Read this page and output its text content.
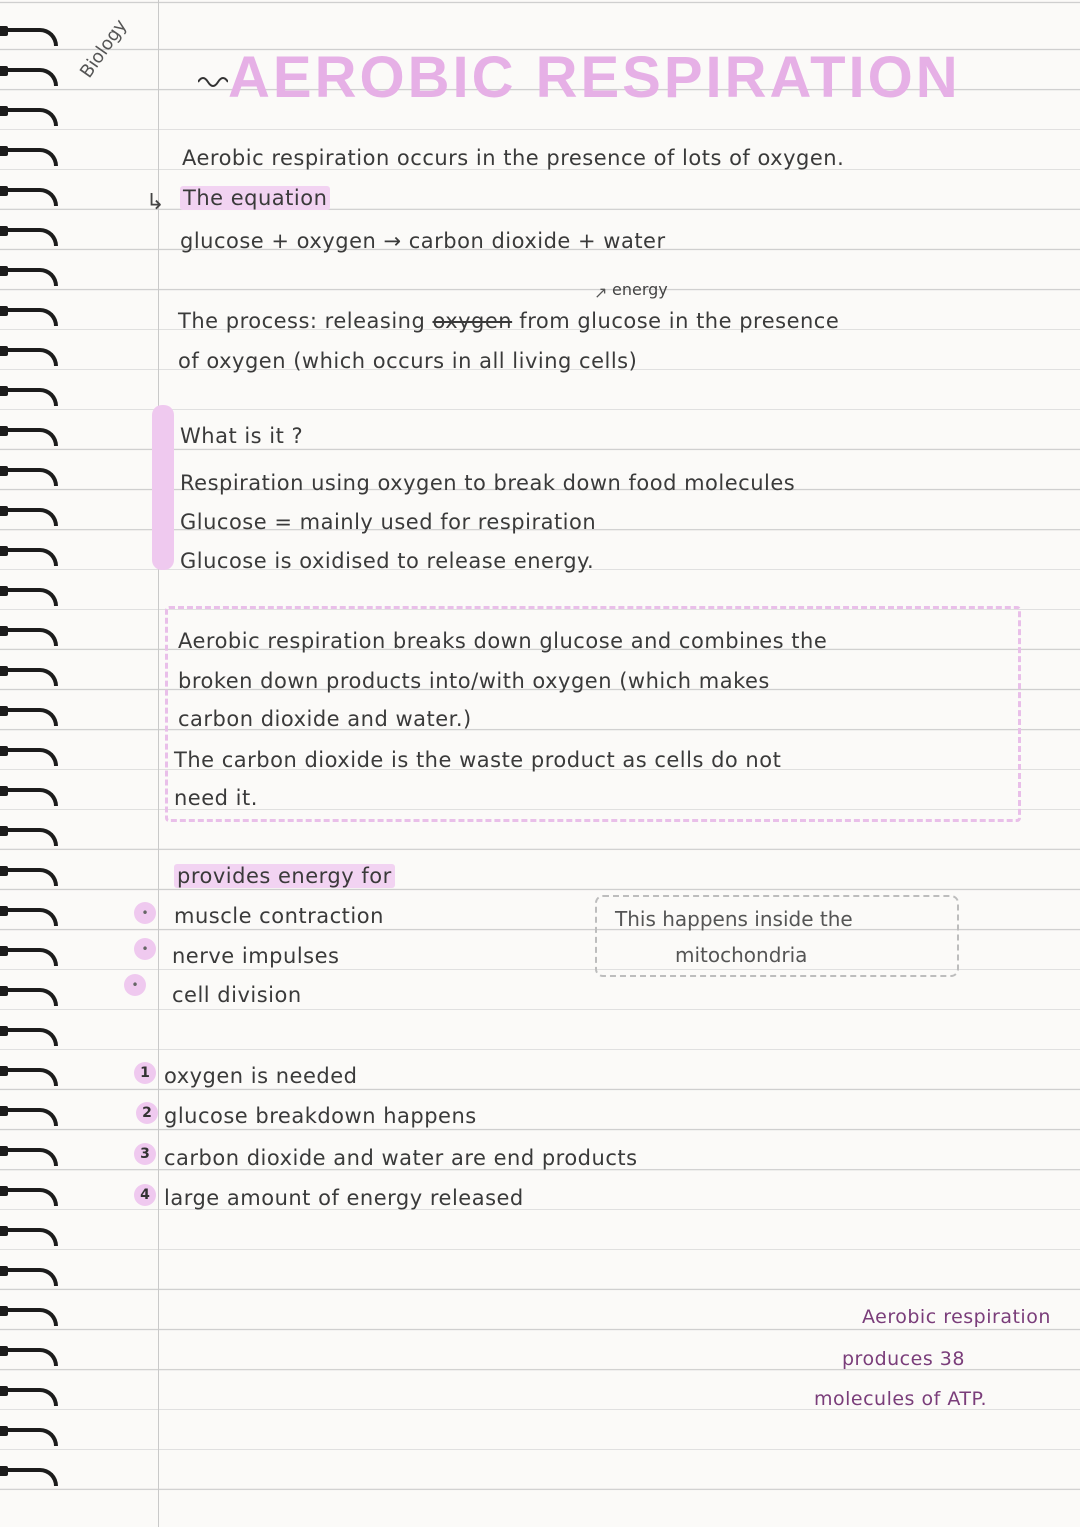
Biology AEROBIC RESPIRATION
Aerobic respiration occurs in the presence of lots of oxygen.
↳ The equation
glucose + oxygen → carbon dioxide + water
↗ energy
The process: releasing oxygen from glucose in the presence
of oxygen (which occurs in all living cells)
What is it ?
Respiration using oxygen to break down food molecules
Glucose = mainly used for respiration
Glucose is oxidised to release energy.
Aerobic respiration breaks down glucose and combines the
broken down products into/with oxygen (which makes
carbon dioxide and water.)
The carbon dioxide is the waste product as cells do not
need it.
provides energy for
•
•
•
muscle contraction
nerve impulses
cell division
This happens inside the
mitochondria
1
2
3
4
oxygen is needed
glucose breakdown happens
carbon dioxide and water are end products
large amount of energy released
Aerobic respiration
produces 38
molecules of ATP.
